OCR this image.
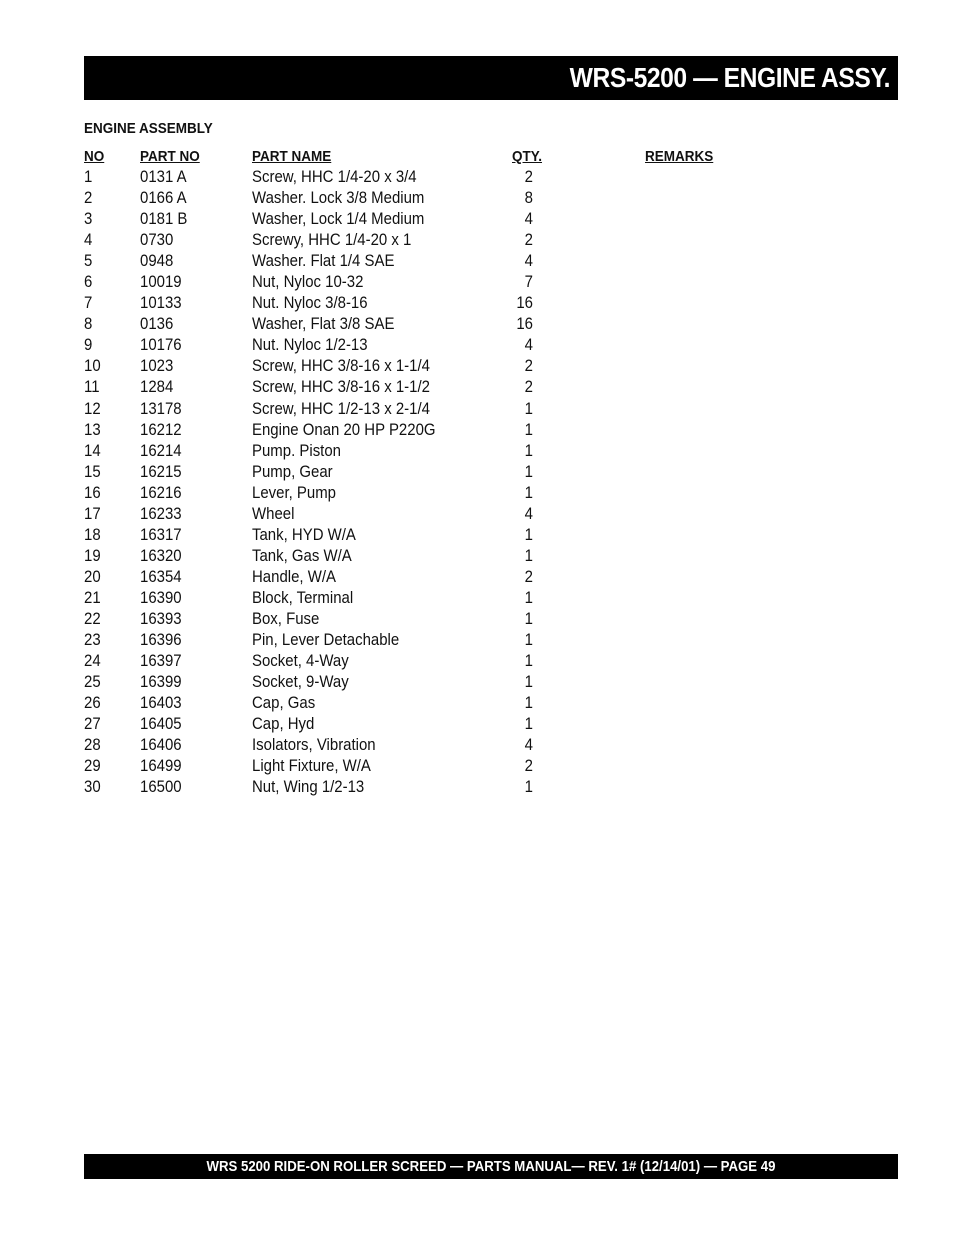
WRS-5200 — ENGINE ASSY.
ENGINE ASSEMBLY
NO PART NO	PART NAME	QTY.	REMARKS
1	0131 A	Screw, HHC 1/4-20 x 3/4	2
2	0166 A	Washer. Lock 3/8 Medium	8
3	0181 B	Washer, Lock 1/4 Medium	4
4	0730	Screwy, HHC 1/4-20 x 1	2
5	0948	Washer. Flat 1/4 SAE	4
6	10019	Nut, Nyloc 10-32	7
7	10133	Nut. Nyloc 3/8-16	16
8	0136	Washer, Flat 3/8 SAE	16
9	10176	Nut. Nyloc 1/2-13	4
10 1023	Screw, HHC 3/8-16 x 1-1/4	2
11 1284	Screw, HHC 3/8-16 x 1-1/2	2
12 13178	Screw, HHC 1/2-13 x 2-1/4	1
13 16212	Engine Onan 20 HP P220G	1
14 16214	Pump. Piston	1
15 16215	Pump, Gear	1
16 16216	Lever, Pump	1
17 16233	Wheel	4
18 16317	Tank, HYD W/A	1
19 16320	Tank, Gas W/A	1
20 16354	Handle, W/A	2
21 16390	Block, Terminal	1
22 16393	Box, Fuse	1
23 16396	Pin, Lever Detachable	1
24 16397	Socket, 4-Way	1
25 16399	Socket, 9-Way	1
26 16403	Cap, Gas	1
27 16405	Cap, Hyd	1
28 16406	Isolators, Vibration	4
29 16499	Light Fixture, W/A	2
30 16500	Nut, Wing 1/2-13	1
WRS 5200 RIDE-ON ROLLER SCREED — PARTS MANUAL— REV. 1# (12/14/01) — PAGE 49
